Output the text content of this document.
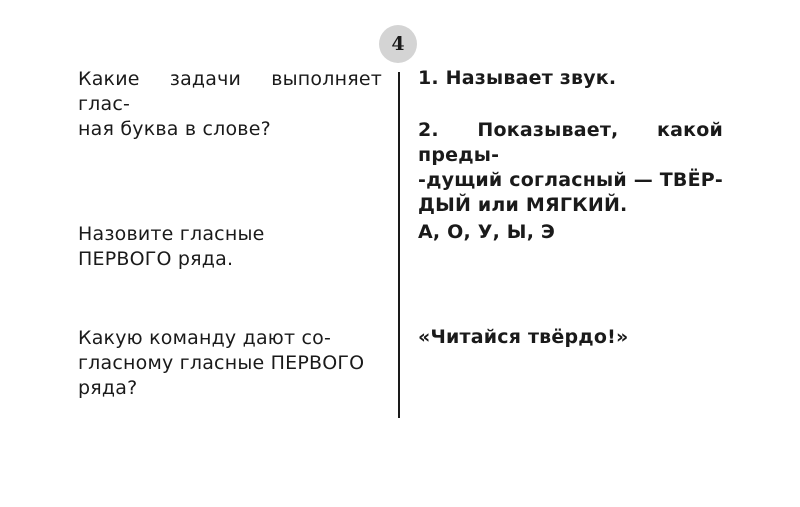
4
Какие задачи выполняет глас-
ная буква в слове?

1. Называет звук.

2. Показывает, какой преды-
-дущий согласный — ТВЁР-
ДЫЙ или МЯГКИЙ.
Назовите гласные
ПЕРВОГО ряда.
А, О, У, Ы, Э
Какую команду дают со-
гласному гласные ПЕРВОГО
ряда?
«Читайся твёрдо!»
